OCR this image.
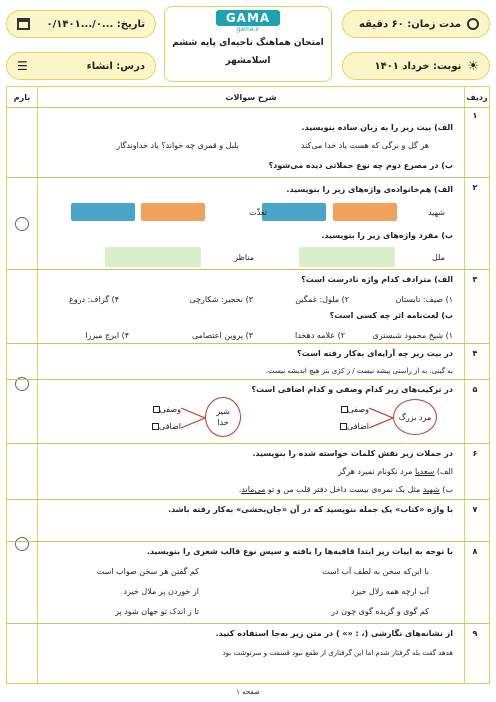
مدت زمان: ۶۰ دقیقه
تاریخ: ...۰/...۰/۱۴۰۱
نوبت: خرداد ۱۴۰۱ ☀
☰	درس: انشاء
GAMA
gama.ir
امتحان هماهنگ ناحیه‌ای پایه ششم
اسلامشهر
ردیف
شرح سوالات
بارم
۱
الف) بیت زیر را به زبان ساده بنویسید.
هر گل و برگی که هست یاد خدا می‌کند
بلبل و قمری چه خواند؟ یاد خداوندگار
ب) در مصرع دوم چه نوع جملاتی دیده می‌شود؟
۲
الف) هم‌خانواده‌ی واژه‌های زیر را بنویسید.
شهید
تغذّت
ب) مفرد واژه‌های زیر را بنویسید.
ملل
مناظر
۳
الف) مترادف کدام واژه نادرست است؟
۱) صیف: تابستان
۲) ملول: غمگین
۳) نخجیر: شکارچی
۴) گزاف: دروغ
ب) لغت‌نامه اثر چه کسی است؟
۱) شیخ محمود شبستری
۲) علامه دهخدا
۳) پروین اعتصامی
۴) ایرج میرزا
۴
در بیت زیر چه آرایه‌ای به‌کار رفته است؟
به گیتی، به از راستی پیشه نیست / ز کژی بتر هیچ اندیشه نیست.
۵
در ترکیب‌های زیر کدام وصفی و کدام اضافی است؟
مرد بزرگ
وصفی
اضافی
شیر
خدا
وصفی
اضافی
۶
در جملات زیر نقش کلمات خواسته شده را بنویسید.
الف) سعدیا مرد نکونام نمیرد هرگز
ب) شهید مثل یک نمره‌ی بیست داخل دفتر قلب من و تو می‌ماند.
۷
با واژه «کتاب» یک جمله بنویسید که در آن «جان‌بخشی» به‌کار رفته باشد.
۸
با توجه به ابیات زیر ابتدا قافیه‌ها را یافته و سپس نوع قالب شعری را بنویسید.
با این‌که سخن به لطف آب است
کم گفتن هر سخن صواب است
آب ارچه همه زلال خیزد
از خوردن پر ملال خیزد
کم گوی و گزیده گوی چون در
تا ز اندک تو جهان شود پر
۹
از نشانه‌های نگارشی (، : «» ) در متن زیر به‌جا استفاده کنید.
هدهد گفت بله گرفتار شدم اما این گرفتاری از طمع نبود قسمت و سرنوشت بود
صفحه ۱
